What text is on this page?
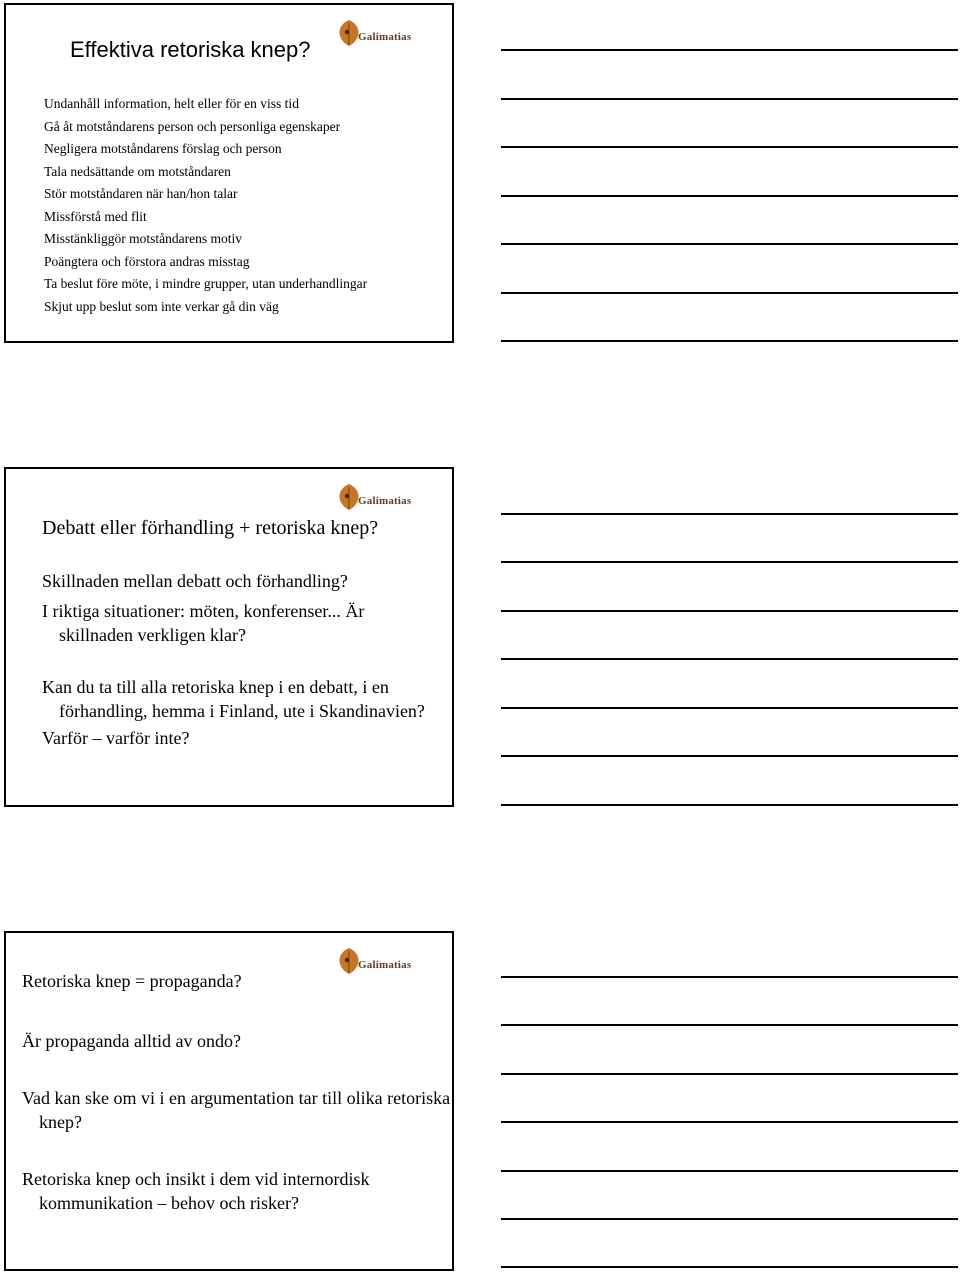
Galimatias
Effektiva retoriska knep?
Undanhåll information, helt eller för en viss tid
Gå åt motståndarens person och personliga egenskaper
Negligera motståndarens förslag och person
Tala nedsättande om motståndaren
Stör motståndaren när han/hon talar
Missförstå med flit
Misstänkliggör motståndarens motiv
Poängtera och förstora andras misstag
Ta beslut före möte, i mindre grupper, utan underhandlingar
Skjut upp beslut som inte verkar gå din väg
Galimatias
Debatt eller förhandling + retoriska knep?

Skillnaden mellan debatt och förhandling?

I riktiga situationer: möten, konferenser... Är skillnaden verkligen klar?

Kan du ta till alla retoriska knep i en debatt, i en förhandling, hemma i Finland, ute i Skandinavien?

Varför – varför inte?

Galimatias
Retoriska knep = propaganda?

Är propaganda alltid av ondo?

Vad kan ske om vi i en argumentation tar till olika retoriska knep?

Retoriska knep och insikt i dem vid internordisk kommunikation – behov och risker?
